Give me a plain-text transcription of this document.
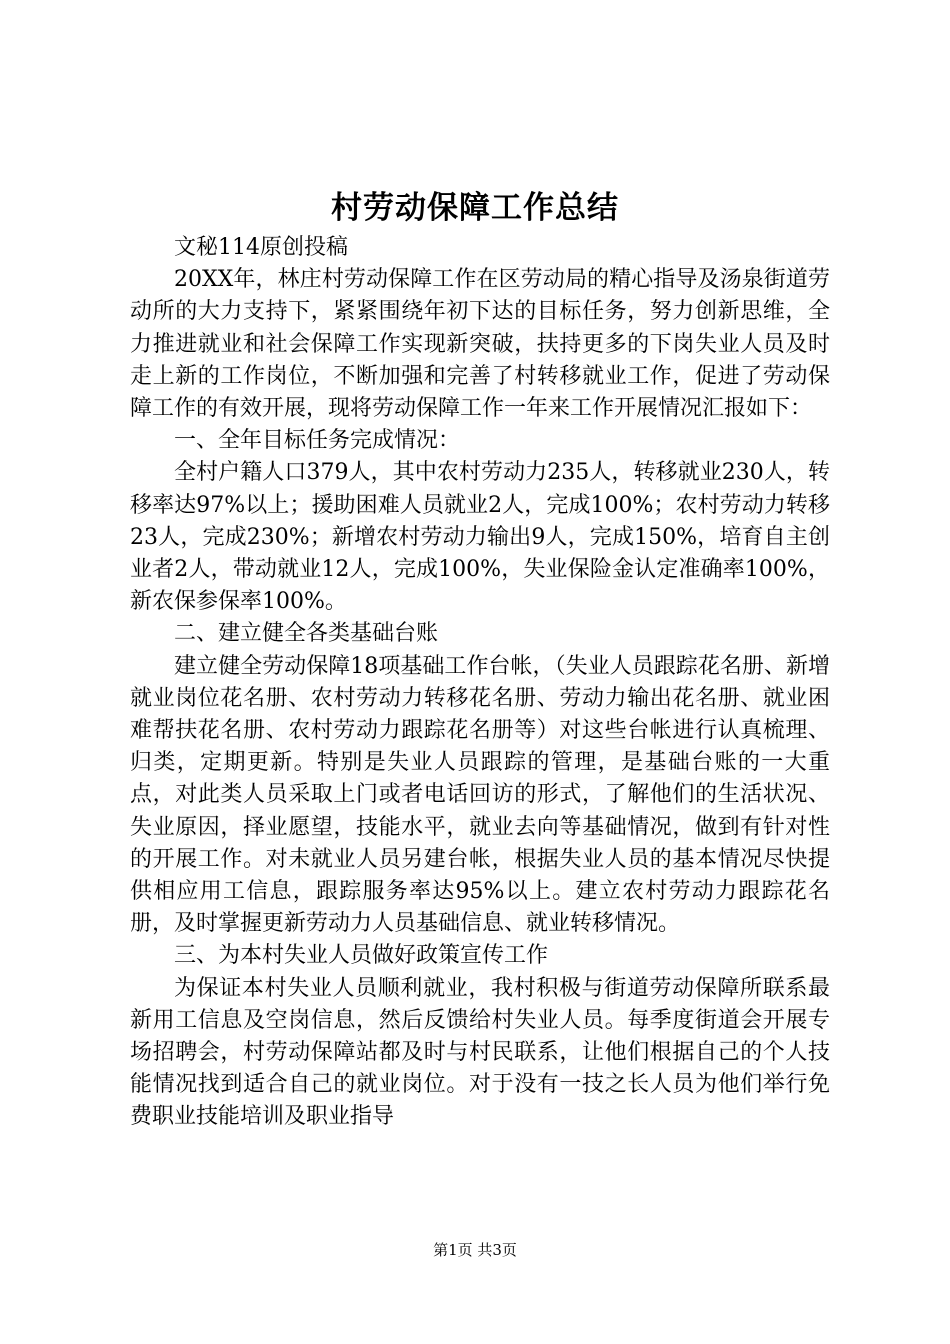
村劳动保障工作总结

文秘114原创投稿

20XX年，林庄村劳动保障工作在区劳动局的精心指导及汤泉街道劳动所的大力支持下，紧紧围绕年初下达的目标任务，努力创新思维，全力推进就业和社会保障工作实现新突破，扶持更多的下岗失业人员及时走上新的工作岗位，不断加强和完善了村转移就业工作，促进了劳动保障工作的有效开展，现将劳动保障工作一年来工作开展情况汇报如下：

一、全年目标任务完成情况：

全村户籍人口379人，其中农村劳动力235人，转移就业230人，转移率达97%以上；援助困难人员就业2人，完成100%；农村劳动力转移23人，完成230%；新增农村劳动力输出9人，完成150%，培育自主创业者2人，带动就业12人，完成100%，失业保险金认定准确率100%，新农保参保率100%。

二、建立健全各类基础台账

建立健全劳动保障18项基础工作台帐，（失业人员跟踪花名册、新增就业岗位花名册、农村劳动力转移花名册、劳动力输出花名册、就业困难帮扶花名册、农村劳动力跟踪花名册等）对这些台帐进行认真梳理、归类，定期更新。特别是失业人员跟踪的管理，是基础台账的一大重点，对此类人员采取上门或者电话回访的形式，了解他们的生活状况、失业原因，择业愿望，技能水平，就业去向等基础情况，做到有针对性的开展工作。对未就业人员另建台帐，根据失业人员的基本情况尽快提供相应用工信息，跟踪服务率达95%以上。建立农村劳动力跟踪花名册，及时掌握更新劳动力人员基础信息、就业转移情况。

三、为本村失业人员做好政策宣传工作

为保证本村失业人员顺利就业，我村积极与街道劳动保障所联系最新用工信息及空岗信息，然后反馈给村失业人员。每季度街道会开展专场招聘会，村劳动保障站都及时与村民联系，让他们根据自己的个人技能情况找到适合自己的就业岗位。对于没有一技之长人员为他们举行免费职业技能培训及职业指导

第1页 共3页
